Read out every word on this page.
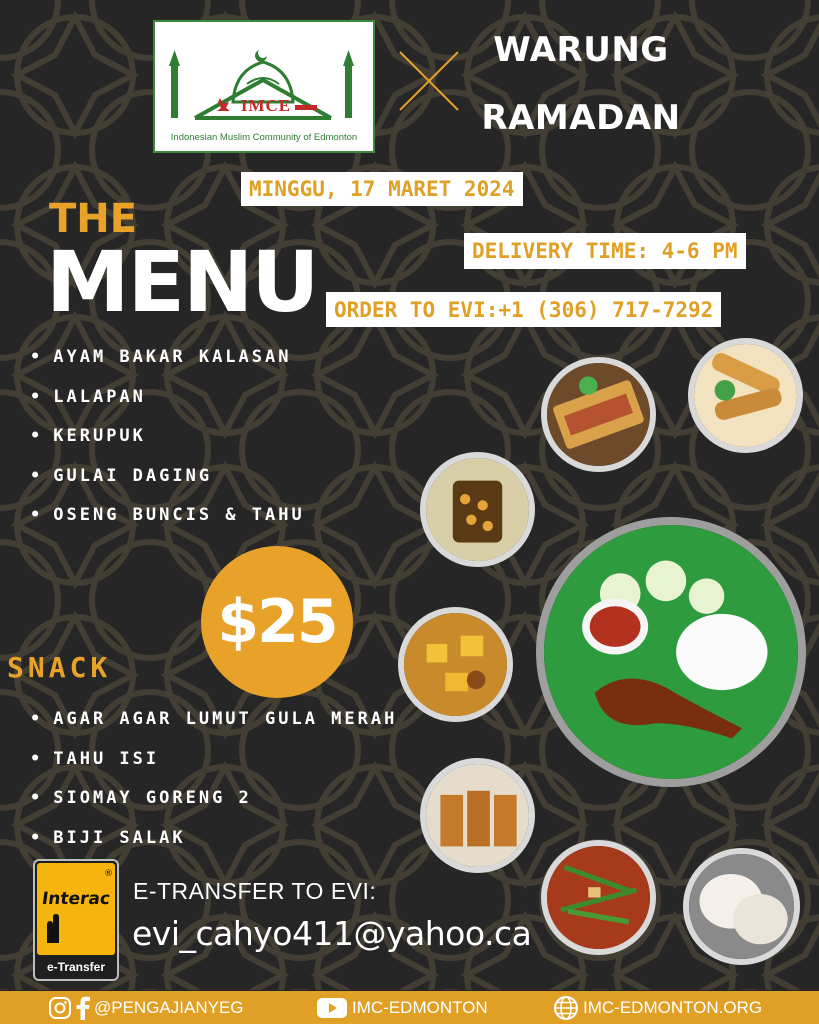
IMCE
Indonesian Muslim Community of Edmonton
WARUNG
RAMADAN
MINGGU, 17 MARET 2024
DELIVERY TIME: 4-6 PM
ORDER TO EVI:+1 (306) 717-7292
THE
MENU
• AYAM BAKAR KALASAN
• LALAPAN
• KERUPUK
• GULAI DAGING
• OSENG BUNCIS & TAHU
$25
SNACK
• AGAR AGAR LUMUT GULA MERAH
• TAHU ISI
• SIOMAY GORENG 2
• BIJI SALAK
®
Interac
e-Transfer
E-TRANSFER TO EVI:
evi_cahyo411@yahoo.ca
@PENGAJIANYEG	IMC-EDMONTON	IMC-EDMONTON.ORG
